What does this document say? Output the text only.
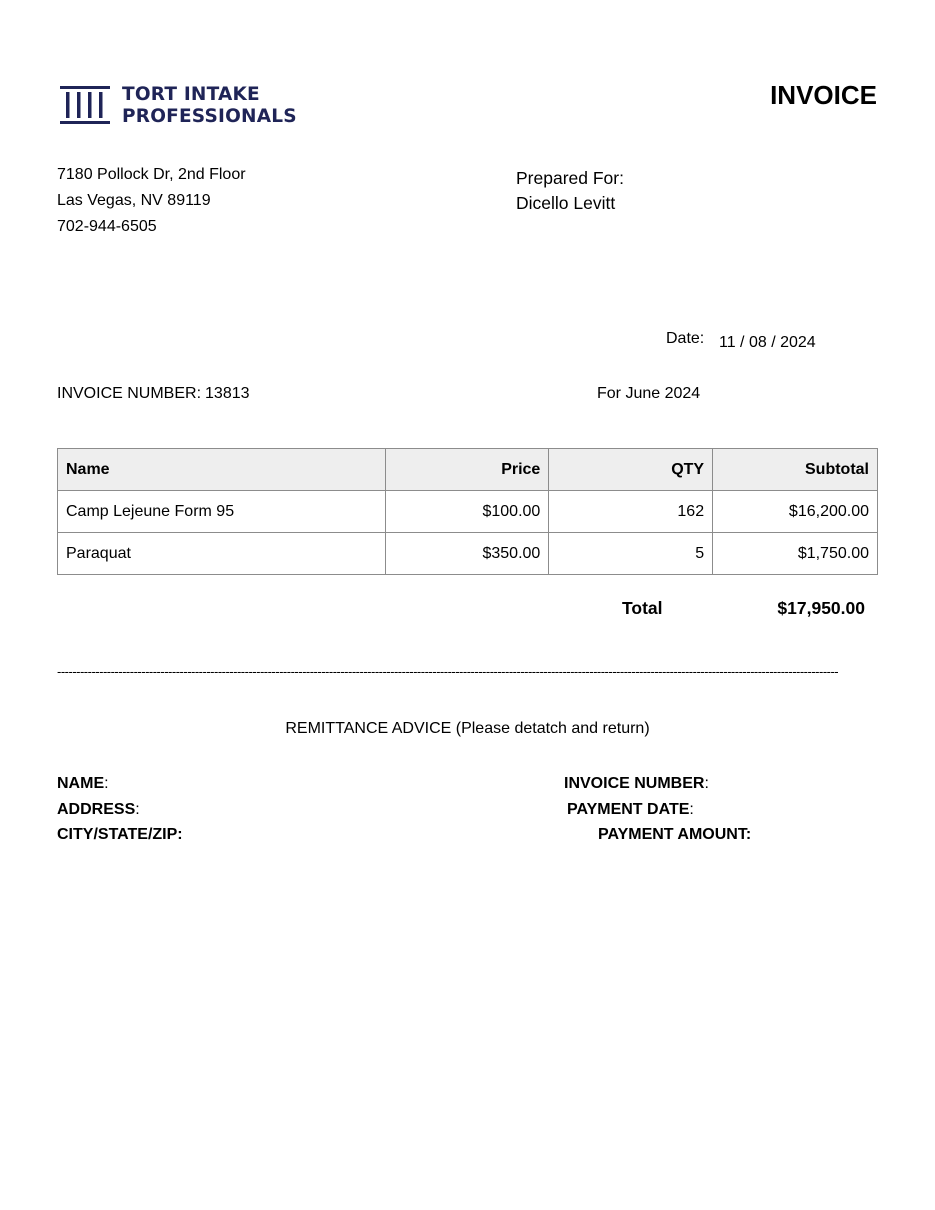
TORT INTAKE
PROFESSIONALS
INVOICE
7180 Pollock Dr, 2nd Floor
Las Vegas, NV 89119
702-944-6505
Prepared For:
Dicello Levitt
Date: 11 / 08 / 2024
INVOICE NUMBER: 13813	For June 2024
Name	Price	QTY	Subtotal
Camp Lejeune Form 95	$100.00	162	$16,200.00
Paraquat	$350.00	5	$1,750.00
Total	$17,950.00
------------------------------------------------------------------------------------------------------------------------------------------------------------------------------------------------------------
REMITTANCE ADVICE (Please detatch and return)
NAME:
ADDRESS:
CITY/STATE/ZIP:
INVOICE NUMBER:
PAYMENT DATE:
PAYMENT AMOUNT:
